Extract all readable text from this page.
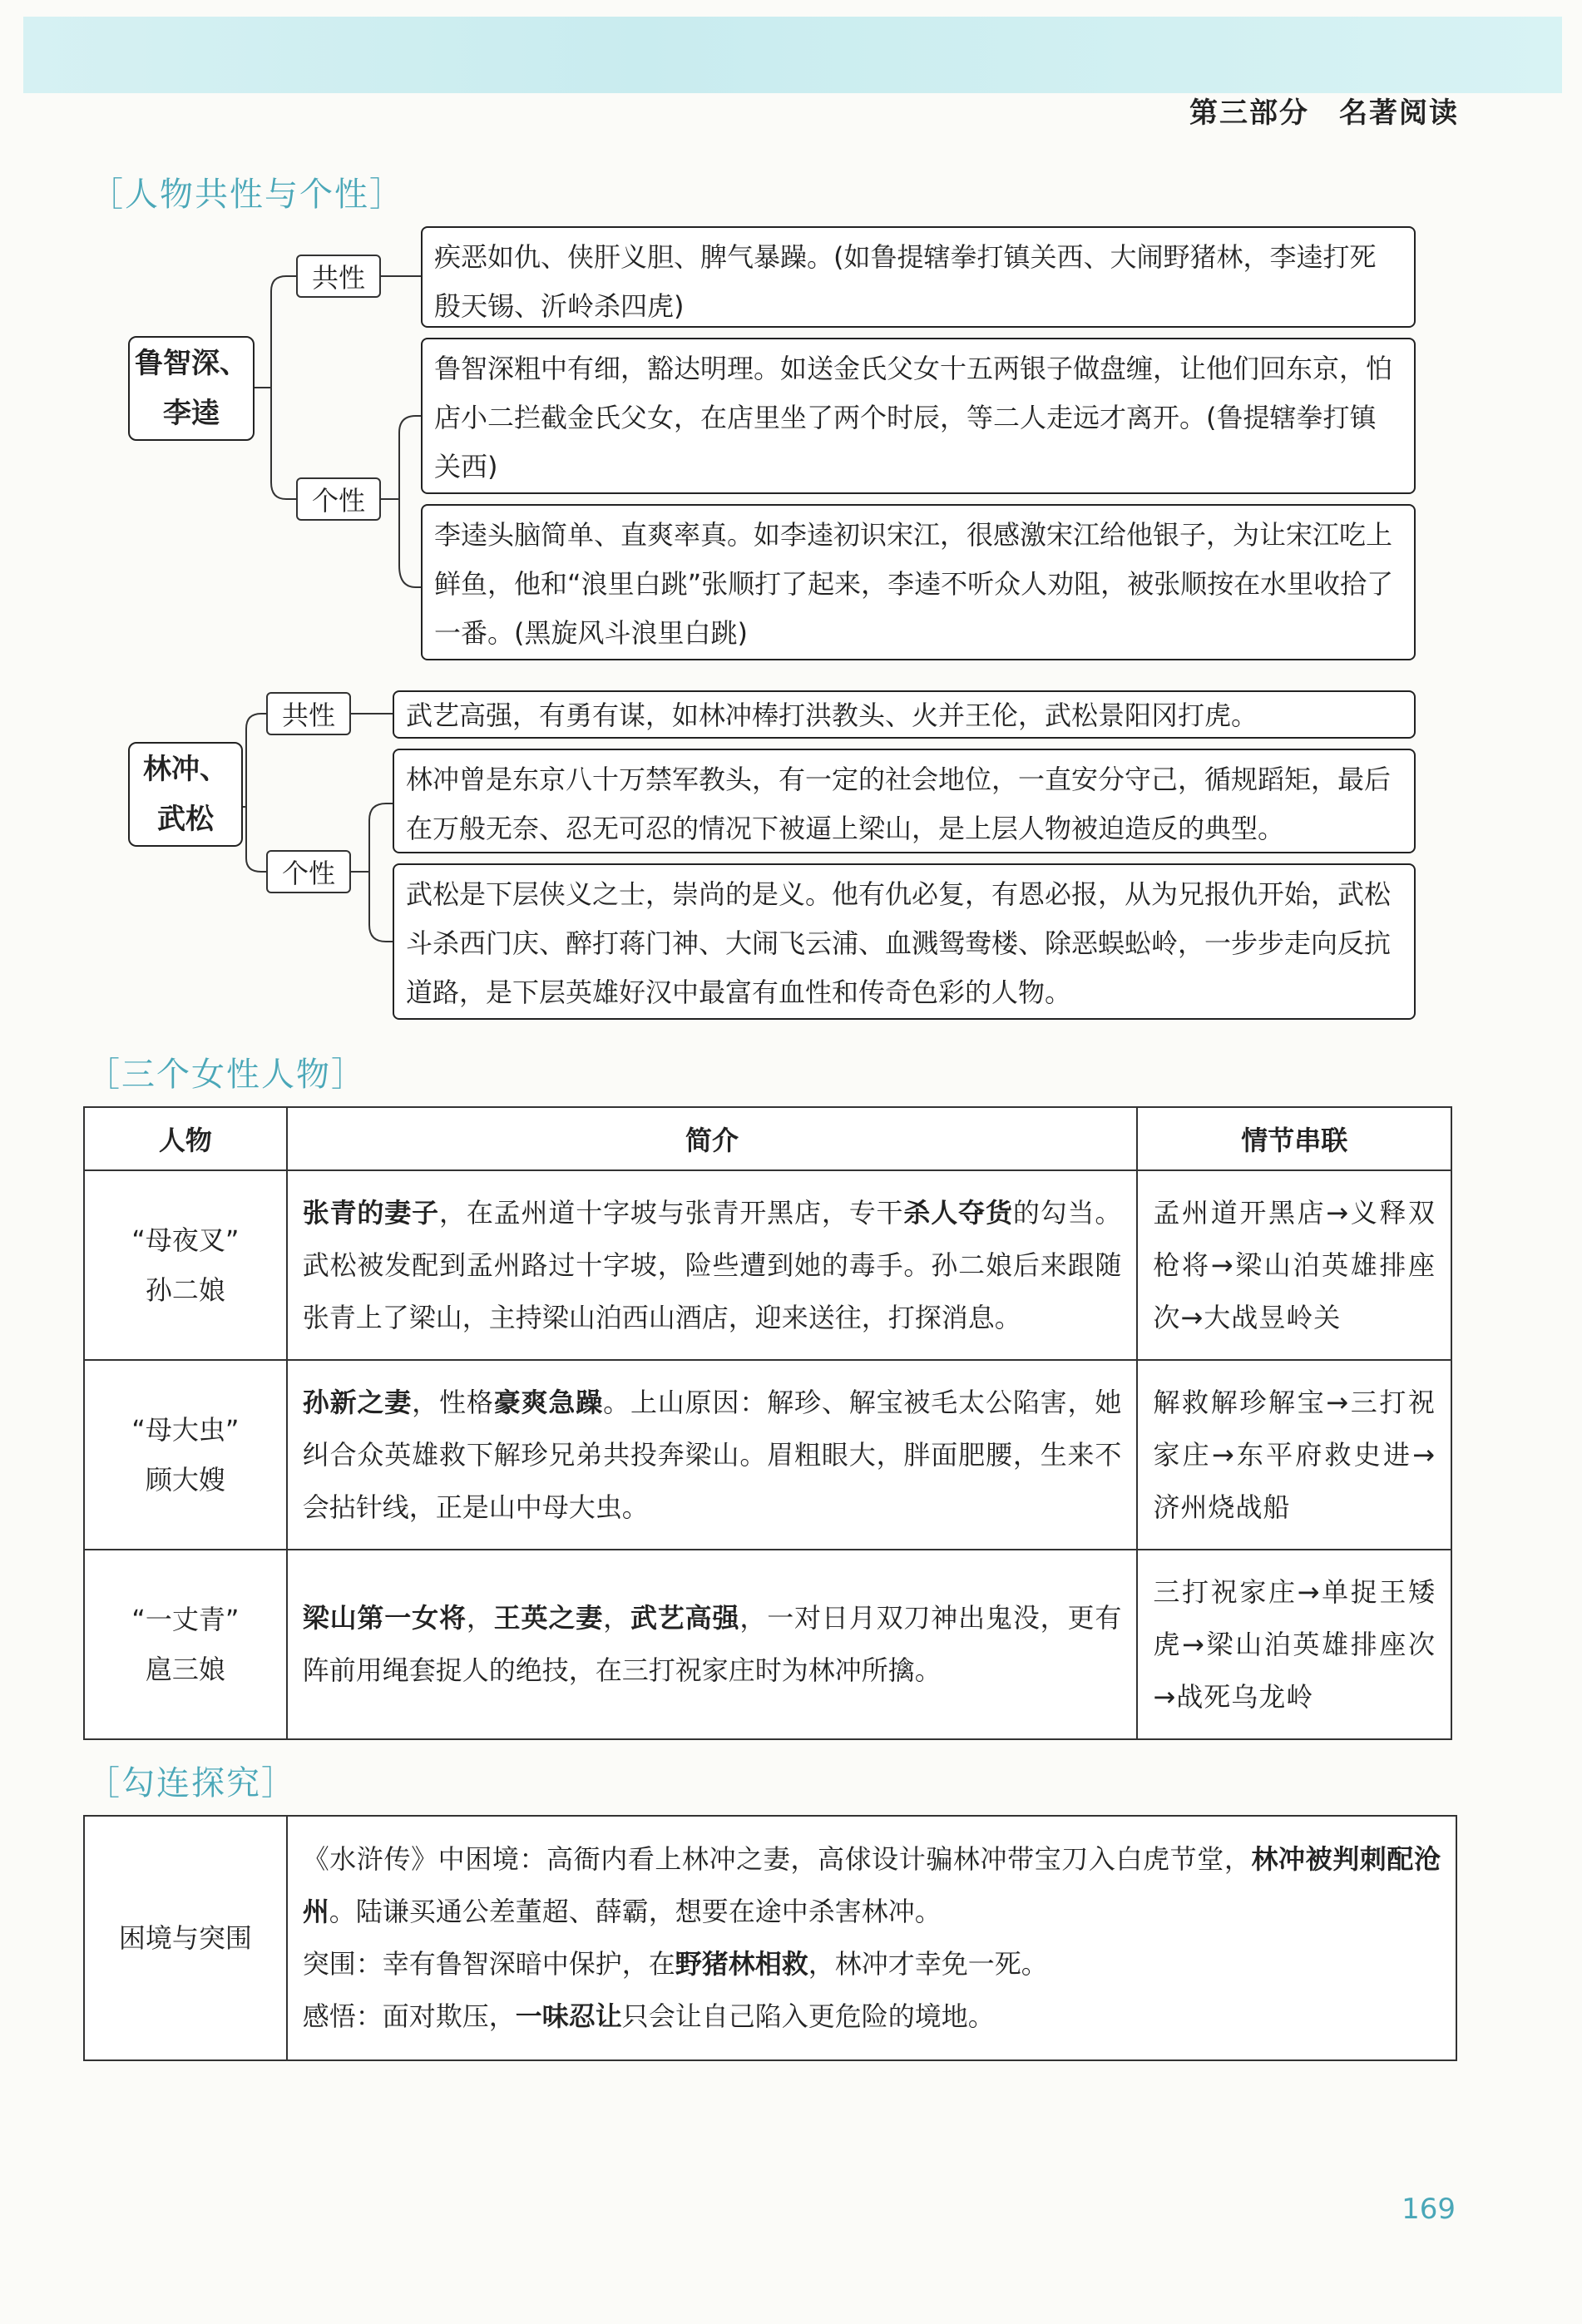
第三部分　名著阅读
［人物共性与个性］
鲁智深、
李逵
共性
个性
疾恶如仇、侠肝义胆、脾气暴躁。(如鲁提辖拳打镇关西、大闹野猪林，李逵打死殷天锡、沂岭杀四虎)
鲁智深粗中有细，豁达明理。如送金氏父女十五两银子做盘缠，让他们回东京，怕店小二拦截金氏父女，在店里坐了两个时辰，等二人走远才离开。(鲁提辖拳打镇关西)
李逵头脑简单、直爽率真。如李逵初识宋江，很感激宋江给他银子，为让宋江吃上鲜鱼，他和“浪里白跳”张顺打了起来，李逵不听众人劝阻，被张顺按在水里收拾了一番。(黑旋风斗浪里白跳)
林冲、
武松
共性
个性
武艺高强，有勇有谋，如林冲棒打洪教头、火并王伦，武松景阳冈打虎。
林冲曾是东京八十万禁军教头，有一定的社会地位，一直安分守己，循规蹈矩，最后在万般无奈、忍无可忍的情况下被逼上梁山，是上层人物被迫造反的典型。
武松是下层侠义之士，崇尚的是义。他有仇必复，有恩必报，从为兄报仇开始，武松斗杀西门庆、醉打蒋门神、大闹飞云浦、血溅鸳鸯楼、除恶蜈蚣岭，一步步走向反抗道路，是下层英雄好汉中最富有血性和传奇色彩的人物。
［三个女性人物］
人物	简介	情节串联

“母夜叉”
孙二娘	张青的妻子，在孟州道十字坡与张青开黑店，专干杀人夺货的勾当。武松被发配到孟州路过十字坡，险些遭到她的毒手。孙二娘后来跟随张青上了梁山，主持梁山泊西山酒店，迎来送往，打探消息。	孟州道开黑店→义释双枪将→梁山泊英雄排座次→大战昱岭关

“母大虫”
顾大嫂	孙新之妻，性格豪爽急躁。上山原因：解珍、解宝被毛太公陷害，她纠合众英雄救下解珍兄弟共投奔梁山。眉粗眼大，胖面肥腰，生来不会拈针线，正是山中母大虫。	解救解珍解宝→三打祝家庄→东平府救史进→济州烧战船

“一丈青”
扈三娘	梁山第一女将，王英之妻，武艺高强，一对日月双刀神出鬼没，更有阵前用绳套捉人的绝技，在三打祝家庄时为林冲所擒。	三打祝家庄→单捉王矮虎→梁山泊英雄排座次→战死乌龙岭
［勾连探究］
困境与突围	
《水浒传》中困境：高衙内看上林冲之妻，高俅设计骗林冲带宝刀入白虎节堂，林冲被判刺配沧州。陆谦买通公差董超、薛霸，想要在途中杀害林冲。
突围：幸有鲁智深暗中保护，在野猪林相救，林冲才幸免一死。
感悟：面对欺压，一味忍让只会让自己陷入更危险的境地。
169
